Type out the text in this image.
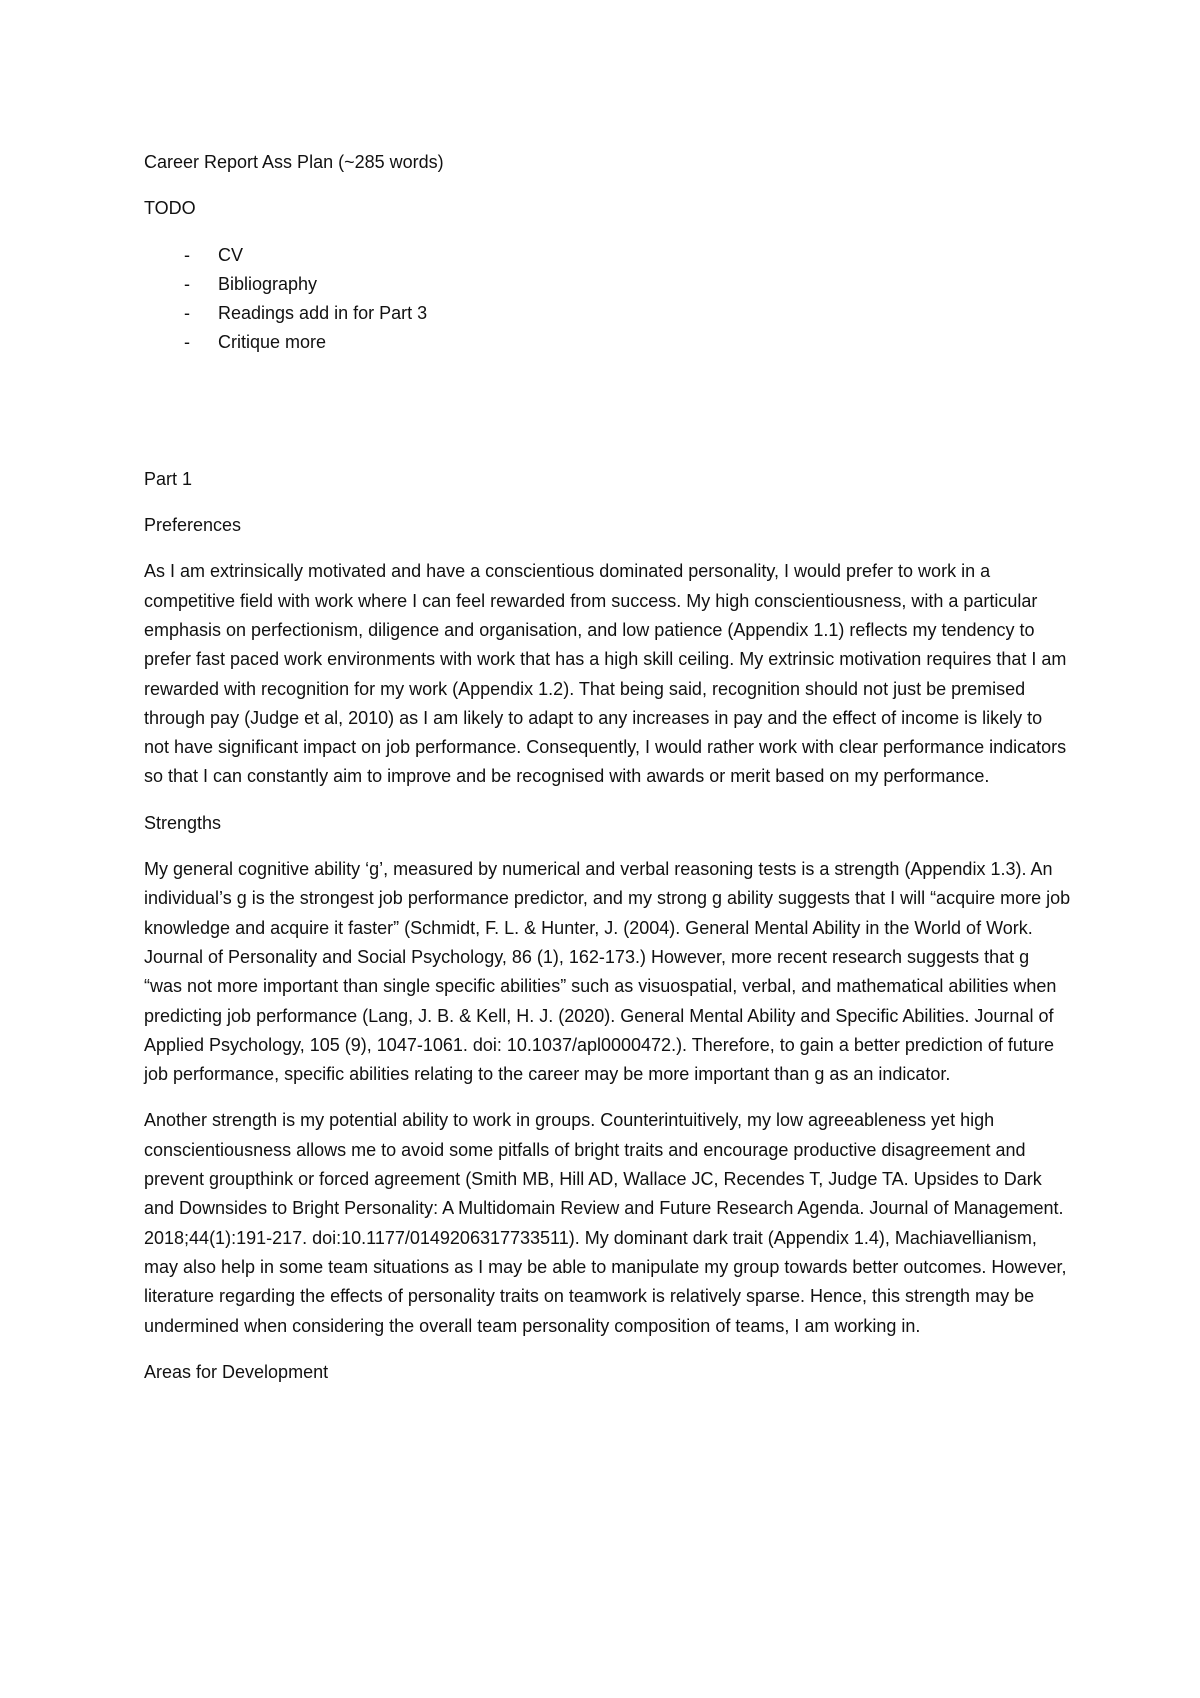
Career Report Ass Plan (~285 words)

TODO

- CV
- Bibliography
- Readings add in for Part 3
- Critique more

Part 1

Preferences

As I am extrinsically motivated and have a conscientious dominated personality, I would prefer to work in a competitive field with work where I can feel rewarded from success. My high conscientiousness, with a particular emphasis on perfectionism, diligence and organisation, and low patience (Appendix 1.1) reflects my tendency to prefer fast paced work environments with work that has a high skill ceiling. My extrinsic motivation requires that I am rewarded with recognition for my work (Appendix 1.2). That being said, recognition should not just be premised through pay (Judge et al, 2010) as I am likely to adapt to any increases in pay and the effect of income is likely to not have significant impact on job performance. Consequently, I would rather work with clear performance indicators so that I can constantly aim to improve and be recognised with awards or merit based on my performance.

Strengths

My general cognitive ability ‘g’, measured by numerical and verbal reasoning tests is a strength (Appendix 1.3). An individual’s g is the strongest job performance predictor, and my strong g ability suggests that I will “acquire more job knowledge and acquire it faster” (Schmidt, F. L. & Hunter, J. (2004). General Mental Ability in the World of Work. Journal of Personality and Social Psychology, 86 (1), 162-173.) However, more recent research suggests that g “was not more important than single specific abilities” such as visuospatial, verbal, and mathematical abilities when predicting job performance (Lang, J. B. & Kell, H. J. (2020). General Mental Ability and Specific Abilities. Journal of Applied Psychology, 105 (9), 1047-1061. doi: 10.1037/apl0000472.). Therefore, to gain a better prediction of future job performance, specific abilities relating to the career may be more important than g as an indicator.

Another strength is my potential ability to work in groups. Counterintuitively, my low agreeableness yet high conscientiousness allows me to avoid some pitfalls of bright traits and encourage productive disagreement and prevent groupthink or forced agreement (Smith MB, Hill AD, Wallace JC, Recendes T, Judge TA. Upsides to Dark and Downsides to Bright Personality: A Multidomain Review and Future Research Agenda. Journal of Management. 2018;44(1):191-217. doi:10.1177/0149206317733511). My dominant dark trait (Appendix 1.4), Machiavellianism, may also help in some team situations as I may be able to manipulate my group towards better outcomes. However, literature regarding the effects of personality traits on teamwork is relatively sparse. Hence, this strength may be undermined when considering the overall team personality composition of teams, I am working in.

Areas for Development
